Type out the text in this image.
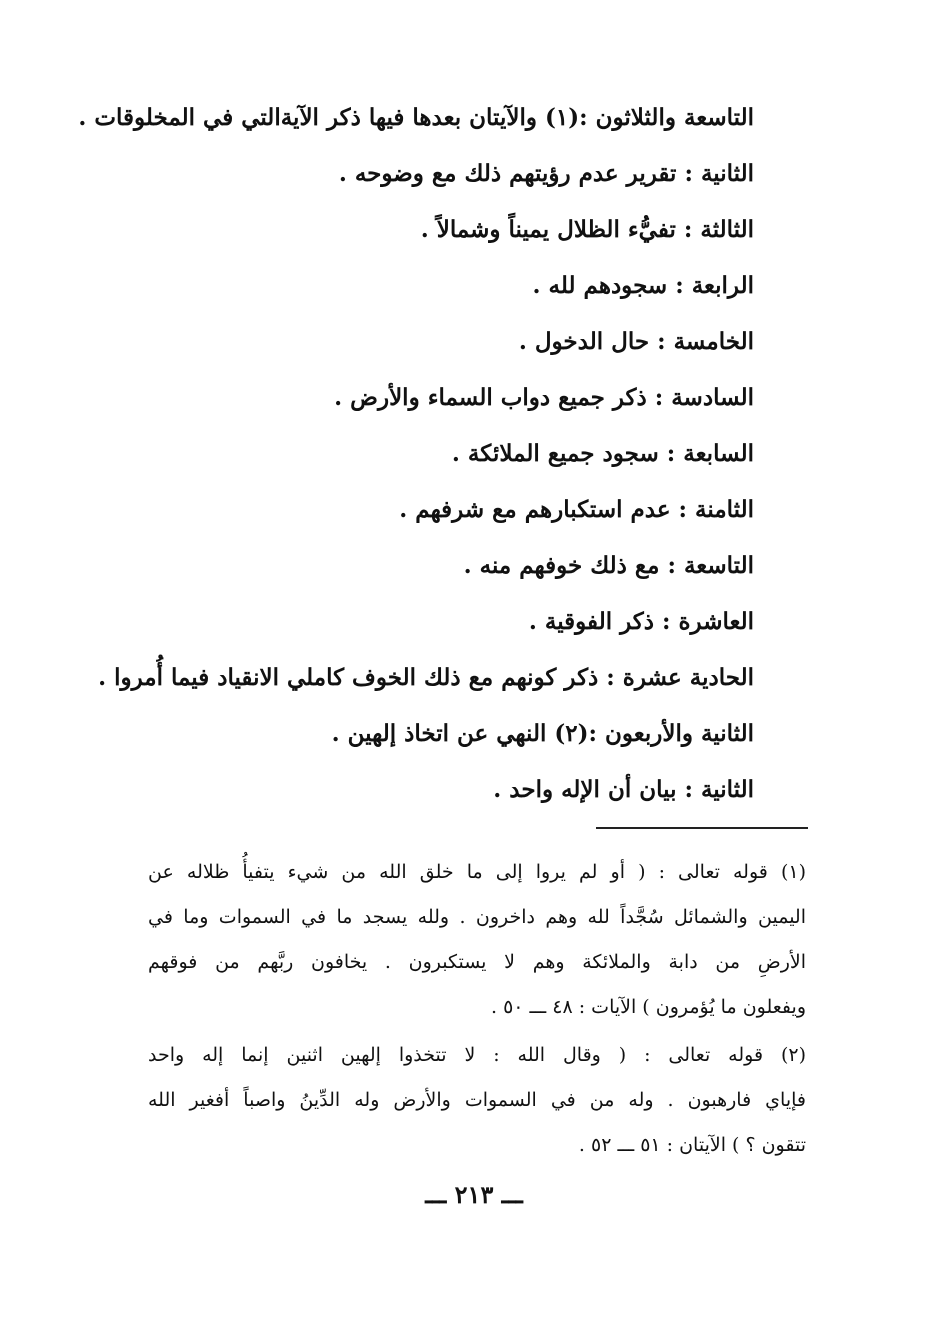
التاسعة والثلاثون :(١) والآيتان بعدها فيها ذكر الآيةالتي في المخلوقات .
الثانية : تقرير عدم رؤيتهم ذلك مع وضوحه .
الثالثة : تفيُّء الظلال يميناً وشمالاً .
الرابعة : سجودهم لله .
الخامسة : حال الدخول .
السادسة : ذكر جميع دواب السماء والأرض .
السابعة : سجود جميع الملائكة .
الثامنة : عدم استكبارهم مع شرفهم .
التاسعة : مع ذلك خوفهم منه .
العاشرة : ذكر الفوقية .
الحادية عشرة : ذكر كونهم مع ذلك الخوف كاملي الانقياد فيما أُمروا .
الثانية والأربعون :(٢) النهي عن اتخاذ إلهين .
الثانية : بيان أن الإله واحد .

(١) قوله تعالى : ( أو لم يروا إلى ما خلق الله من شيء يتفيأُ ظلاله عن
اليمين والشمائل سُجَّداً لله وهم داخرون . ولله يسجد ما في السموات وما في
الأرضِ من دابة والملائكة وهم لا يستكبرون . يخافون ربَّهم من فوقهم
ويفعلون ما يُؤمرون ) الآيات : ٤٨ ـــ ٥٠ .

(٢) قوله تعالى : ( وقال الله : لا تتخذوا إلهين اثنين إنما إله واحد
فإياي فارهبون . وله من في السموات والأرض وله الدِّينُ واصباً أفغير الله
تتقون ؟ ) الآيتان : ٥١ ـــ ٥٢ .

ـــ ٢١٣ ـــ
